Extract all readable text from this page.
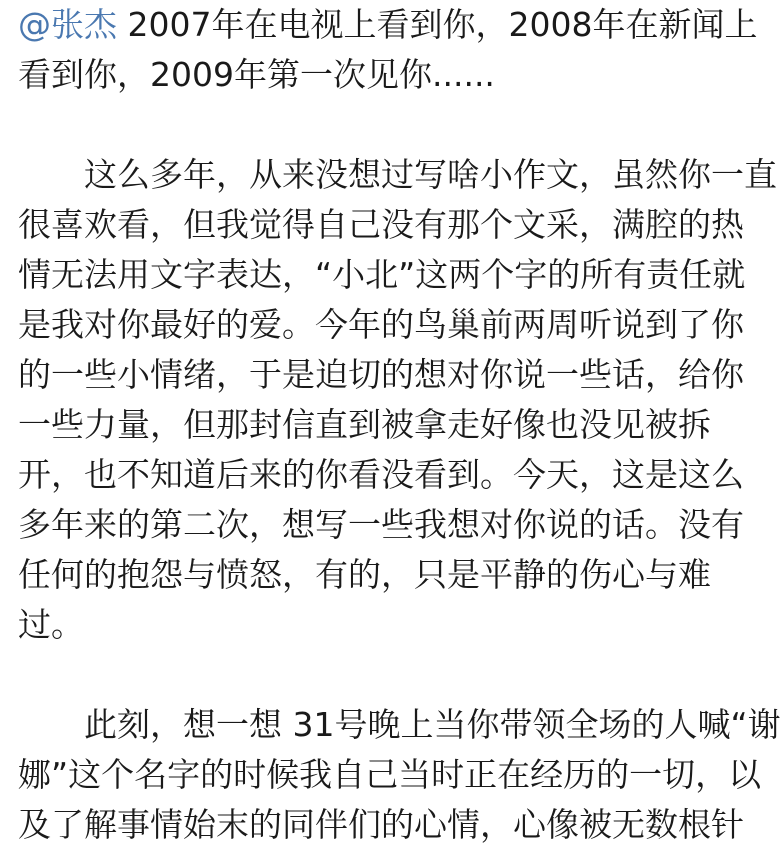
@张杰 2007年在电视上看到你，2008年在新闻上
看到你，2009年第一次见你......
这么多年，从来没想过写啥小作文，虽然你一直
很喜欢看，但我觉得自己没有那个文采，满腔的热
情无法用文字表达，“小北”这两个字的所有责任就
是我对你最好的爱。今年的鸟巢前两周听说到了你
的一些小情绪，于是迫切的想对你说一些话，给你
一些力量，但那封信直到被拿走好像也没见被拆
开，也不知道后来的你看没看到。今天，这是这么
多年来的第二次，想写一些我想对你说的话。没有
任何的抱怨与愤怒，有的，只是平静的伤心与难
过。
此刻，想一想 31号晚上当你带领全场的人喊“谢
娜”这个名字的时候我自己当时正在经历的一切，以
及了解事情始末的同伴们的心情，心像被无数根针
